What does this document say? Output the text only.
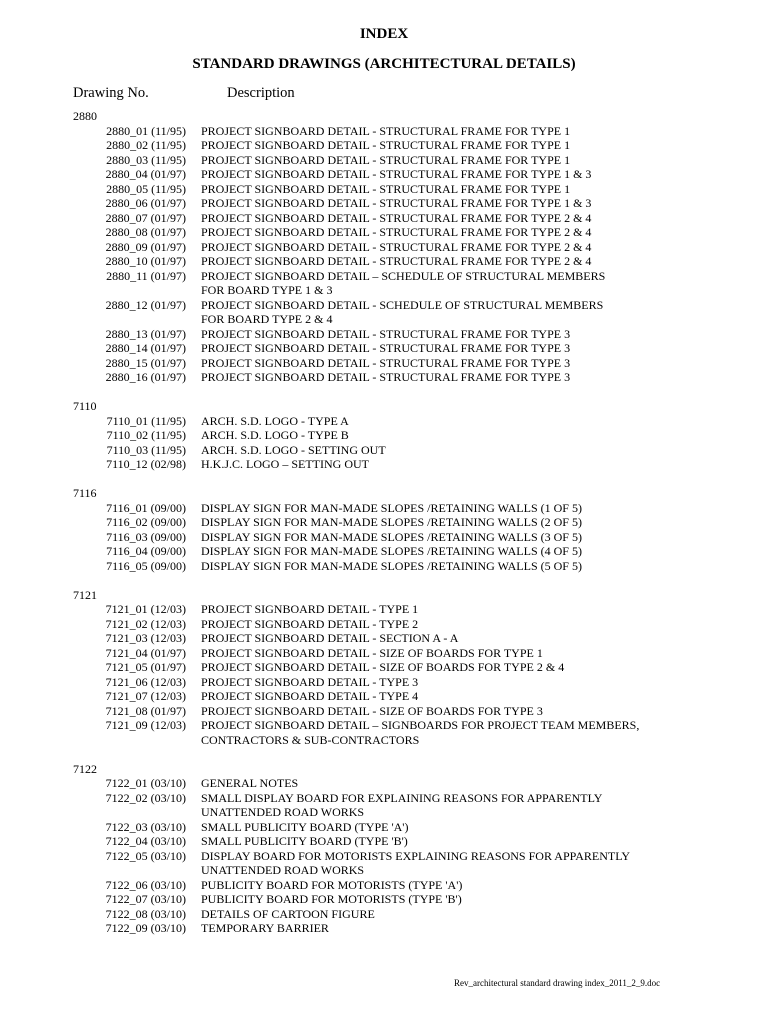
INDEX
STANDARD DRAWINGS (ARCHITECTURAL DETAILS)
Drawing No.	Description
2880
2880_01 (11/95) PROJECT SIGNBOARD DETAIL - STRUCTURAL FRAME FOR TYPE 1
2880_02 (11/95) PROJECT SIGNBOARD DETAIL - STRUCTURAL FRAME FOR TYPE 1
2880_03 (11/95) PROJECT SIGNBOARD DETAIL - STRUCTURAL FRAME FOR TYPE 1
2880_04 (01/97) PROJECT SIGNBOARD DETAIL - STRUCTURAL FRAME FOR TYPE 1 & 3
2880_05 (11/95) PROJECT SIGNBOARD DETAIL - STRUCTURAL FRAME FOR TYPE 1
2880_06 (01/97) PROJECT SIGNBOARD DETAIL - STRUCTURAL FRAME FOR TYPE 1 & 3
2880_07 (01/97) PROJECT SIGNBOARD DETAIL - STRUCTURAL FRAME FOR TYPE 2 & 4
2880_08 (01/97) PROJECT SIGNBOARD DETAIL - STRUCTURAL FRAME FOR TYPE 2 & 4
2880_09 (01/97) PROJECT SIGNBOARD DETAIL - STRUCTURAL FRAME FOR TYPE 2 & 4
2880_10 (01/97) PROJECT SIGNBOARD DETAIL - STRUCTURAL FRAME FOR TYPE 2 & 4
2880_11 (01/97) PROJECT SIGNBOARD DETAIL – SCHEDULE OF STRUCTURAL MEMBERS
FOR BOARD TYPE 1 & 3
2880_12 (01/97) PROJECT SIGNBOARD DETAIL - SCHEDULE OF STRUCTURAL MEMBERS
FOR BOARD TYPE 2 & 4
2880_13 (01/97) PROJECT SIGNBOARD DETAIL - STRUCTURAL FRAME FOR TYPE 3
2880_14 (01/97) PROJECT SIGNBOARD DETAIL - STRUCTURAL FRAME FOR TYPE 3
2880_15 (01/97) PROJECT SIGNBOARD DETAIL - STRUCTURAL FRAME FOR TYPE 3
2880_16 (01/97) PROJECT SIGNBOARD DETAIL - STRUCTURAL FRAME FOR TYPE 3
7110
7110_01 (11/95) ARCH. S.D. LOGO - TYPE A
7110_02 (11/95) ARCH. S.D. LOGO - TYPE B
7110_03 (11/95) ARCH. S.D. LOGO - SETTING OUT
7110_12 (02/98) H.K.J.C. LOGO – SETTING OUT
7116
7116_01 (09/00) DISPLAY SIGN FOR MAN-MADE SLOPES /RETAINING WALLS (1 OF 5)
7116_02 (09/00) DISPLAY SIGN FOR MAN-MADE SLOPES /RETAINING WALLS (2 OF 5)
7116_03 (09/00) DISPLAY SIGN FOR MAN-MADE SLOPES /RETAINING WALLS (3 OF 5)
7116_04 (09/00) DISPLAY SIGN FOR MAN-MADE SLOPES /RETAINING WALLS (4 OF 5)
7116_05 (09/00) DISPLAY SIGN FOR MAN-MADE SLOPES /RETAINING WALLS (5 OF 5)
7121
7121_01 (12/03) PROJECT SIGNBOARD DETAIL - TYPE 1
7121_02 (12/03) PROJECT SIGNBOARD DETAIL - TYPE 2
7121_03 (12/03) PROJECT SIGNBOARD DETAIL - SECTION A - A
7121_04 (01/97) PROJECT SIGNBOARD DETAIL - SIZE OF BOARDS FOR TYPE 1
7121_05 (01/97) PROJECT SIGNBOARD DETAIL - SIZE OF BOARDS FOR TYPE 2 & 4
7121_06 (12/03) PROJECT SIGNBOARD DETAIL - TYPE 3
7121_07 (12/03) PROJECT SIGNBOARD DETAIL - TYPE 4
7121_08 (01/97) PROJECT SIGNBOARD DETAIL - SIZE OF BOARDS FOR TYPE 3
7121_09 (12/03) PROJECT SIGNBOARD DETAIL – SIGNBOARDS FOR PROJECT TEAM MEMBERS,
CONTRACTORS & SUB-CONTRACTORS
7122
7122_01 (03/10) GENERAL NOTES
7122_02 (03/10) SMALL DISPLAY BOARD FOR EXPLAINING REASONS FOR APPARENTLY
UNATTENDED ROAD WORKS
7122_03 (03/10) SMALL PUBLICITY BOARD (TYPE 'A')
7122_04 (03/10) SMALL PUBLICITY BOARD (TYPE 'B')
7122_05 (03/10) DISPLAY BOARD FOR MOTORISTS EXPLAINING REASONS FOR APPARENTLY
UNATTENDED ROAD WORKS
7122_06 (03/10) PUBLICITY BOARD FOR MOTORISTS (TYPE 'A')
7122_07 (03/10) PUBLICITY BOARD FOR MOTORISTS (TYPE 'B')
7122_08 (03/10) DETAILS OF CARTOON FIGURE
7122_09 (03/10) TEMPORARY BARRIER
Rev_architectural standard drawing index_2011_2_9.doc
